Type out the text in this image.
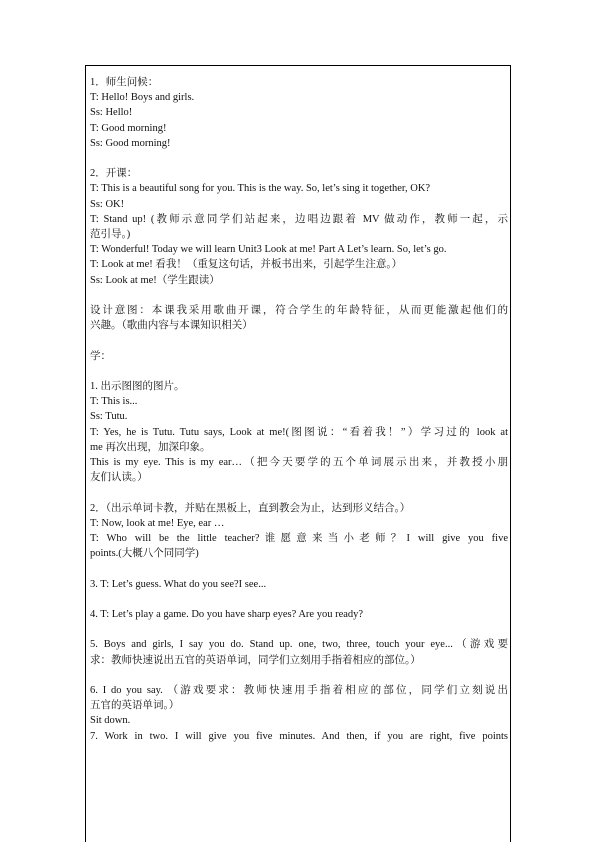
1．师生问候：
T: Hello! Boys and girls.
Ss: Hello!
T: Good morning!
Ss: Good morning!
2．开课：
T: This is a beautiful song for you. This is the way. So, let’s sing it together, OK?
Ss: OK!
T: Stand up! (教师示意同学们站起来，边唱边跟着 MV 做动作，教师一起，示
范引导。)
T: Wonderful! Today we will learn Unit3 Look at me! Part A Let’s learn. So, let’s go.
T: Look at me! 看我！（重复这句话，并板书出来，引起学生注意。）
Ss: Look at me!（学生跟读）
设计意图：本课我采用歌曲开课，符合学生的年龄特征，从而更能激起他们的
兴趣。（歌曲内容与本课知识相关）
学：
1. 出示图图的图片。
T: This is...
Ss: Tutu.
T: Yes, he is Tutu. Tutu says, Look at me!(图图说：“看着我！”）学习过的 look at
me 再次出现，加深印象。
This is my eye. This is my ear…（把今天要学的五个单词展示出来，并教授小朋
友们认读。）
2．（出示单词卡教，并贴在黑板上，直到教会为止，达到形义结合。）
T: Now, look at me! Eye, ear …
T: Who will be the little teacher?谁愿意来当小老师？I will give you five
points.(大概八个同同学)
3. T: Let’s guess. What do you see?I see...
4. T: Let’s play a game. Do you have sharp eyes? Are you ready?
5. Boys and girls, I say you do. Stand up. one, two, three, touch your eye...（游戏要
求：教师快速说出五官的英语单词，同学们立刻用手指着相应的部位。）
6. I do you say. （游戏要求：教师快速用手指着相应的部位，同学们立刻说出
五官的英语单词。）
Sit down.
7. Work in two. I will give you five minutes. And then, if you are right, five points
